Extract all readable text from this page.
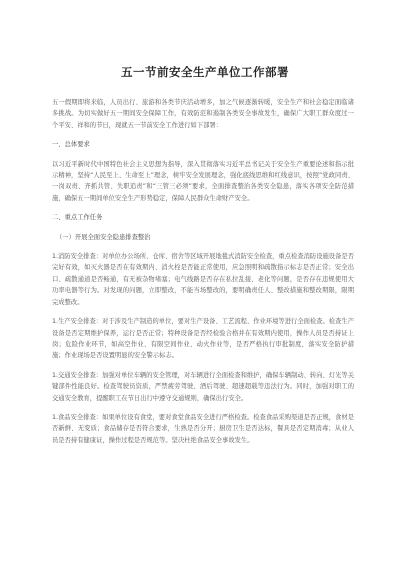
五一节前安全生产单位工作部署

五一假期即将来临，人员出行、旅游和各类节庆活动增多，加之气候逐渐转暖，安全生产和社会稳定面临诸多挑战。为切实做好五一期间安全保障工作，有效防范和遏制各类安全事故发生，确保广大职工群众度过一个平安、祥和的节日，现就五一节前安全工作进行如下部署：

一、总体要求

以习近平新时代中国特色社会主义思想为指导，深入贯彻落实习近平总书记关于安全生产重要论述和指示批示精神，坚持“人民至上、生命至上”理念，树牢安全发展理念，强化底线思维和红线意识，按照“党政同责、一岗双责、齐抓共管、失职追责”和“三管三必须”要求，全面排查整治各类安全隐患，落实各项安全防范措施，确保五一期间单位安全生产形势稳定，保障人民群众生命财产安全。

二、重点工作任务

（一）开展全面安全隐患排查整治

1.消防安全排查：对单位办公场所、仓库、宿舍等区域开展地毯式消防安全检查，重点检查消防设施设备是否完好有效，如灭火器是否在有效期内、消火栓是否能正常使用，应急照明和疏散指示标志是否正常；安全出口、疏散通道是否畅通，有无被杂物堵塞；电气线路是否存在私拉乱接、老化等问题，是否存在违规使用大功率电器等行为。对发现的问题，立即整改，不能当场整改的，要明确责任人、整改措施和整改期限，限期完成整改。

1.生产安全排查：对于涉及生产制造的单位，要对生产设备、工艺流程、作业环境等进行全面检查。检查生产设备是否定期维护保养，运行是否正常；特种设备是否经检验合格并在有效期内使用，操作人员是否持证上岗；危险作业环节，如高空作业、有限空间作业、动火作业等，是否严格执行审批制度，落实安全防护措施；作业现场是否设置明显的安全警示标志。

1.交通安全排查：加强对单位车辆的安全管理，对车辆进行全面检查和维护，确保车辆制动、转向、灯光等关键部件性能良好。检查驾驶员资质，严禁疲劳驾驶、酒后驾驶、超速超载等违法行为。同时，加强对职工的交通安全教育，提醒职工在节日出行中遵守交通规则，确保出行安全。

1.食品安全排查：如果单位设有食堂，要对食堂食品安全进行严格检查。检查食品采购渠道是否正规，食材是否新鲜、无变质；食品储存是否符合要求，生熟是否分开；厨房卫生是否达标，餐具是否定期消毒；从业人员是否持有健康证，操作过程是否规范等。坚决杜绝食品安全事故发生。
